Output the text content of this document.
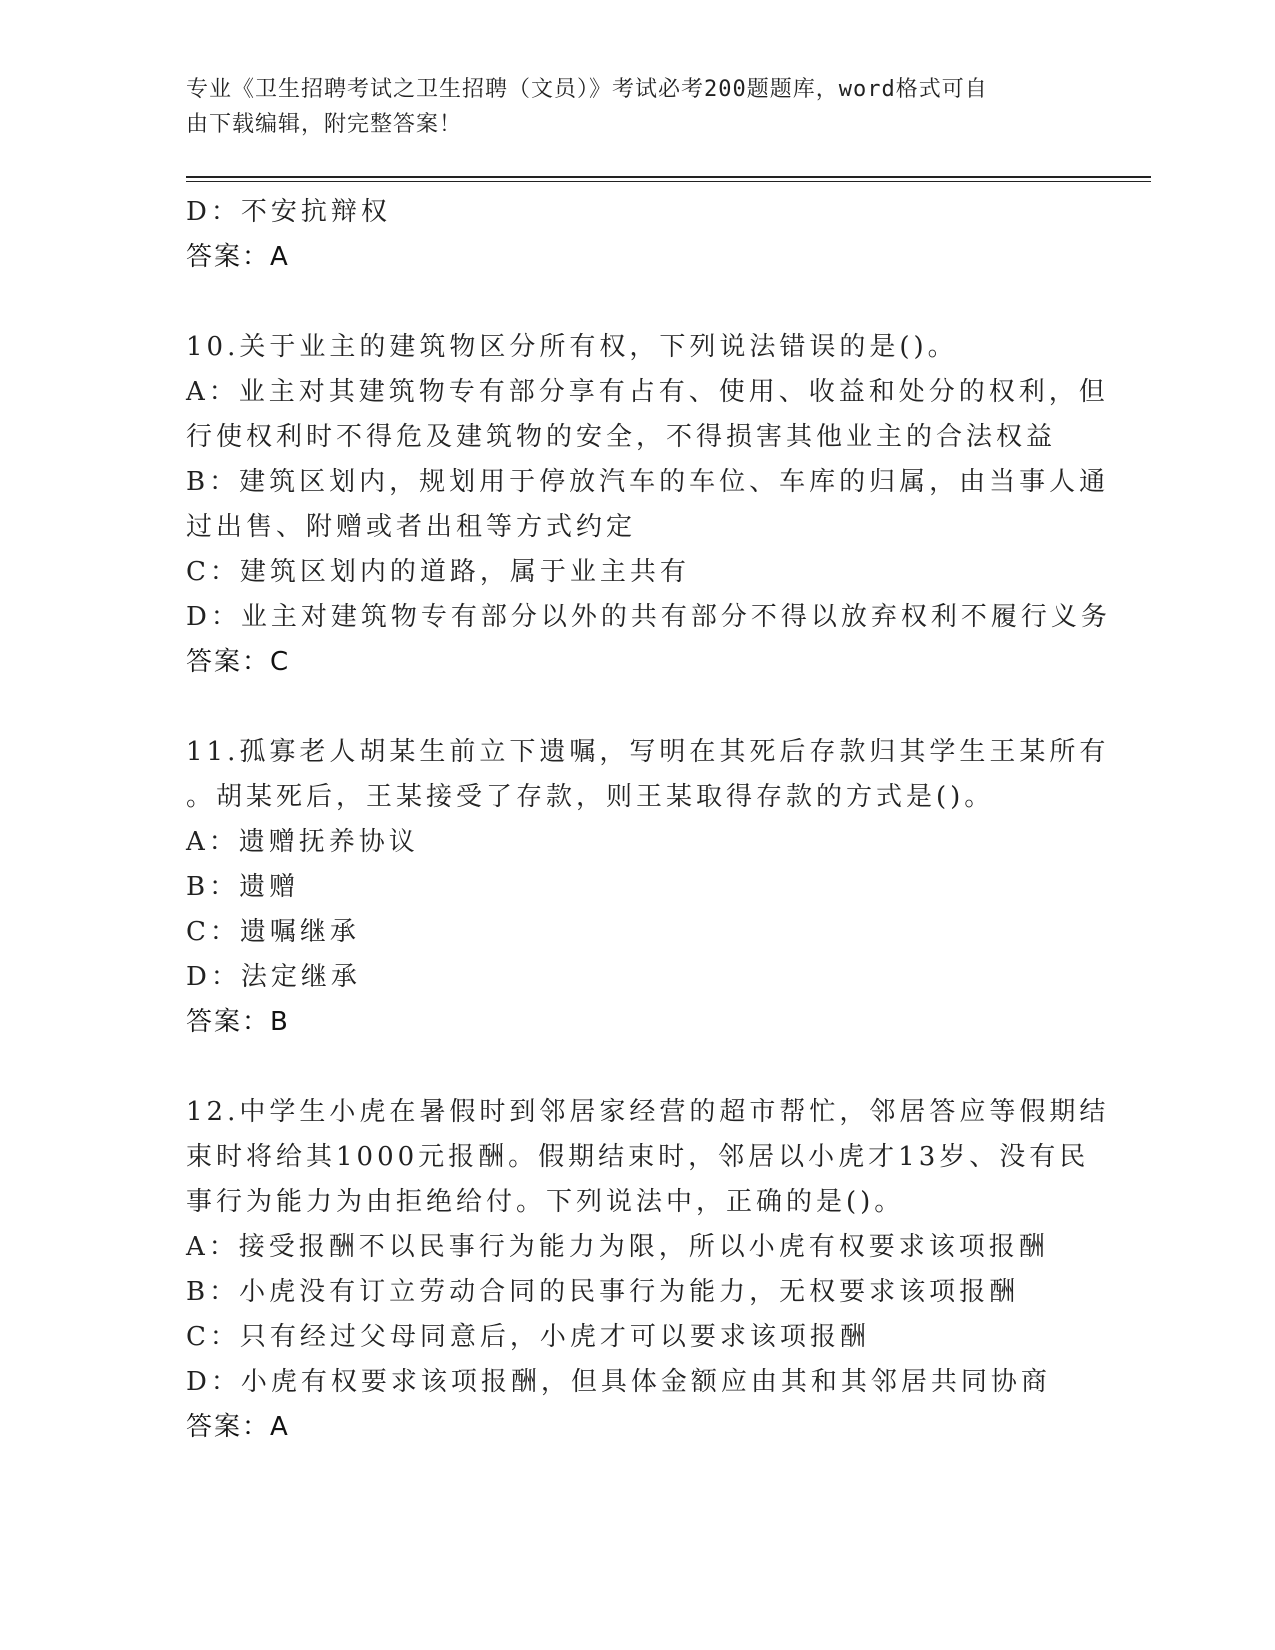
专业《卫生招聘考试之卫生招聘（文员）》考试必考200题题库，word格式可自
由下载编辑，附完整答案！
D：不安抗辩权
答案：A
10.关于业主的建筑物区分所有权，下列说法错误的是()。
A：业主对其建筑物专有部分享有占有、使用、收益和处分的权利，但
行使权利时不得危及建筑物的安全，不得损害其他业主的合法权益
B：建筑区划内，规划用于停放汽车的车位、车库的归属，由当事人通
过出售、附赠或者出租等方式约定
C：建筑区划内的道路，属于业主共有
D：业主对建筑物专有部分以外的共有部分不得以放弃权利不履行义务
答案：C
11.孤寡老人胡某生前立下遗嘱，写明在其死后存款归其学生王某所有
。胡某死后，王某接受了存款，则王某取得存款的方式是()。
A：遗赠抚养协议
B：遗赠
C：遗嘱继承
D：法定继承
答案：B
12.中学生小虎在暑假时到邻居家经营的超市帮忙，邻居答应等假期结
束时将给其1000元报酬。假期结束时，邻居以小虎才13岁、没有民
事行为能力为由拒绝给付。下列说法中，正确的是()。
A：接受报酬不以民事行为能力为限，所以小虎有权要求该项报酬
B：小虎没有订立劳动合同的民事行为能力，无权要求该项报酬
C：只有经过父母同意后，小虎才可以要求该项报酬
D：小虎有权要求该项报酬，但具体金额应由其和其邻居共同协商
答案：A
